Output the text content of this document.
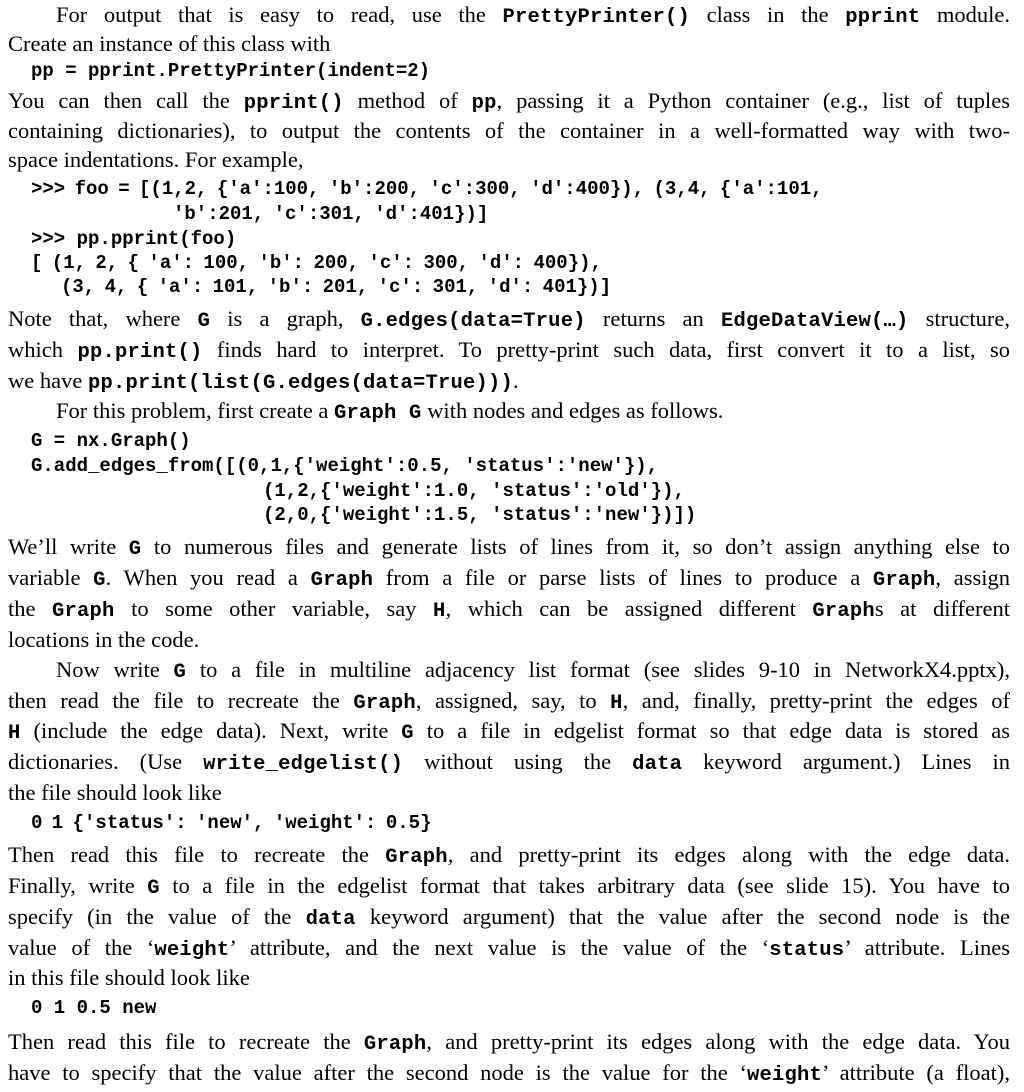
For output that is easy to read, use the PrettyPrinter() class in the pprint module.

Create an instance of this class with

pp = pprint.PrettyPrinter(indent=2)

You can then call the pprint() method of pp, passing it a Python container (e.g., list of tuples

containing dictionaries), to output the contents of the container in a well-formatted way with two-

space indentations. For example,

>>> foo = [(1,2, {'a':100, 'b':200, 'c':300, 'd':400}), (3,4, {'a':101,

'b':201, 'c':301, 'd':401})]

>>> pp.pprint(foo)

[ (1, 2, { 'a': 100, 'b': 200, 'c': 300, 'd': 400}),

(3, 4, { 'a': 101, 'b': 201, 'c': 301, 'd': 401})]

Note that, where G is a graph, G.edges(data=True) returns an EdgeDataView(…) structure,

which pp.print() finds hard to interpret. To pretty-print such data, first convert it to a list, so

we have pp.print(list(G.edges(data=True))).

For this problem, first create a Graph G with nodes and edges as follows.

G = nx.Graph()

G.add_edges_from([(0,1,{'weight':0.5, 'status':'new'}),

(1,2,{'weight':1.0, 'status':'old'}),

(2,0,{'weight':1.5, 'status':'new'})])

We’ll write G to numerous files and generate lists of lines from it, so don’t assign anything else to

variable G. When you read a Graph from a file or parse lists of lines to produce a Graph, assign

the Graph to some other variable, say H, which can be assigned different Graphs at different

locations in the code.

Now write G to a file in multiline adjacency list format (see slides 9-10 in NetworkX4.pptx),

then read the file to recreate the Graph, assigned, say, to H, and, finally, pretty-print the edges of

H (include the edge data). Next, write G to a file in edgelist format so that edge data is stored as

dictionaries. (Use write_edgelist() without using the data keyword argument.) Lines in

the file should look like

0 1 {'status': 'new', 'weight': 0.5}

Then read this file to recreate the Graph, and pretty-print its edges along with the edge data.

Finally, write G to a file in the edgelist format that takes arbitrary data (see slide 15). You have to

specify (in the value of the data keyword argument) that the value after the second node is the

value of the ‘weight’ attribute, and the next value is the value of the ‘status’ attribute. Lines

in this file should look like

0 1 0.5 new

Then read this file to recreate the Graph, and pretty-print its edges along with the edge data. You

have to specify that the value after the second node is the value for the ‘weight’ attribute (a float),
